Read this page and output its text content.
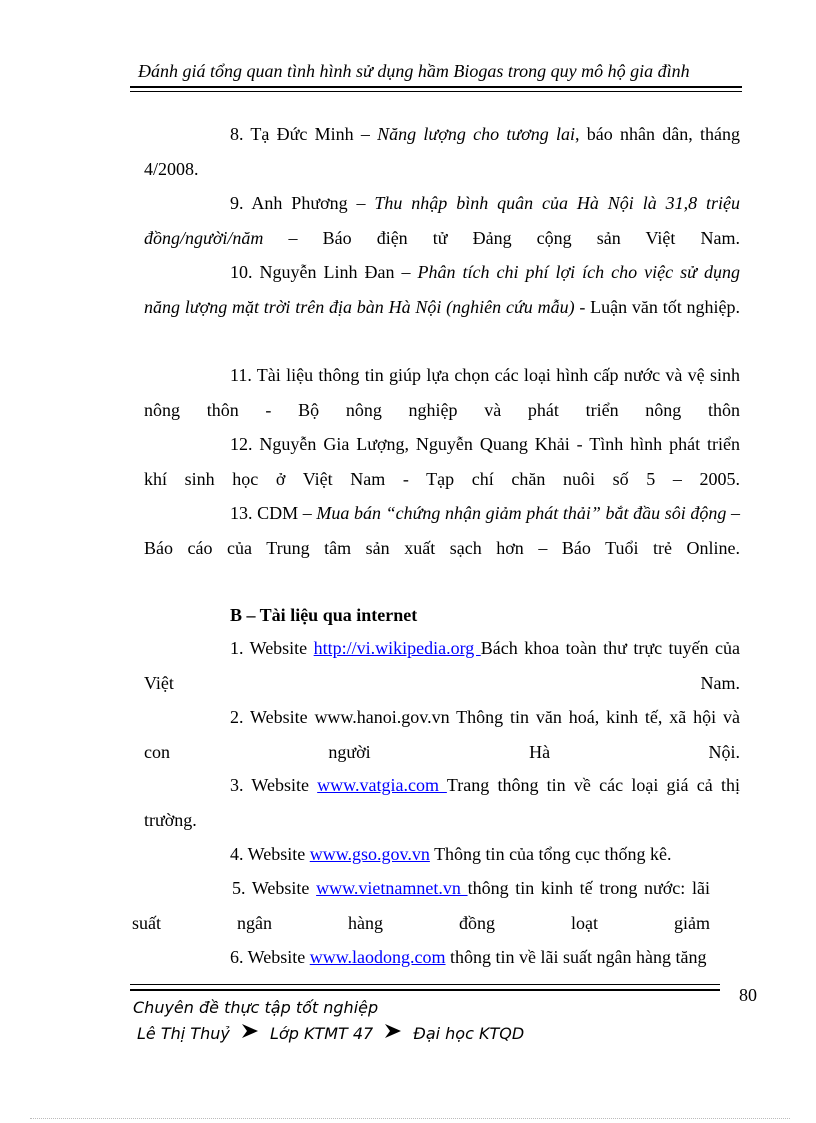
Đánh giá tổng quan tình hình sử dụng hầm Biogas trong quy mô hộ gia đình
8. Tạ Đức Minh – Năng lượng cho tương lai, báo nhân dân, tháng 4/2008.
9. Anh Phương – Thu nhập bình quân của Hà Nội là 31,8 triệu đồng/người/năm – Báo điện tử Đảng cộng sản Việt Nam.
10. Nguyễn Linh Đan – Phân tích chi phí lợi ích cho việc sử dụng năng lượng mặt trời trên địa bàn Hà Nội (nghiên cứu mẫu) - Luận văn tốt nghiệp.
11. Tài liệu thông tin giúp lựa chọn các loại hình cấp nước và vệ sinh nông thôn - Bộ nông nghiệp và phát triển nông thôn
12. Nguyễn Gia Lượng, Nguyễn Quang Khải - Tình hình phát triển khí sinh học ở Việt Nam - Tạp chí chăn nuôi số 5 – 2005.
13. CDM – Mua bán “chứng nhận giảm phát thải” bắt đầu sôi động – Báo cáo của Trung tâm sản xuất sạch hơn – Báo Tuổi trẻ Online.
B – Tài liệu qua internet
1. Website http://vi.wikipedia.org Bách khoa toàn thư trực tuyến của Việt Nam.
2. Website www.hanoi.gov.vn Thông tin văn hoá, kinh tế, xã hội và con người Hà Nội.
3. Website www.vatgia.com Trang thông tin về các loại giá cả thị trường.
4. Website www.gso.gov.vn Thông tin của tổng cục thống kê.
5. Website www.vietnamnet.vn thông tin kinh tế trong nước: lãi suất ngân hàng đồng loạt giảm
6. Website www.laodong.com thông tin về lãi suất ngân hàng tăng
80
Chuyên đề thực tập tốt nghiệp
Lê Thị Thuỷ	Lớp KTMT 47	Đại học KTQD
